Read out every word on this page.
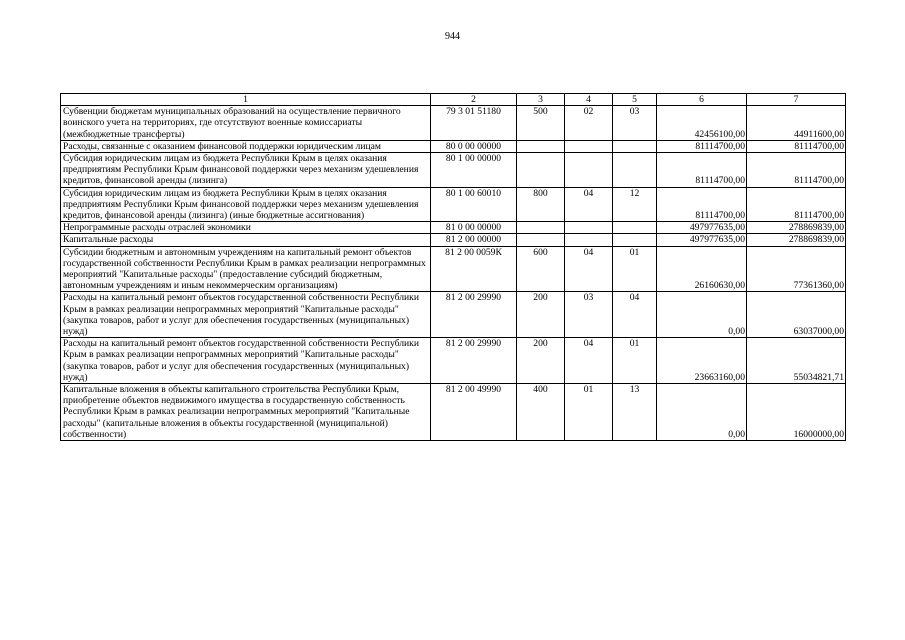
944
1	2	3	4	5	6	7
Субвенции бюджетам муниципальных образований на осуществление первичного воинского учета на территориях, где отсутствуют военные комиссариаты (межбюджетные трансферты)	79 3 01 51180	500	02	03	42456100,00	44911600,00
Расходы, связанные с оказанием финансовой поддержки юридическим лицам	80 0 00 00000				81114700,00	81114700,00
Субсидия юридическим лицам из бюджета Республики Крым в целях оказания предприятиям Республики Крым финансовой поддержки через механизм удешевления кредитов, финансовой аренды (лизинга)	80 1 00 00000				81114700,00	81114700,00
Субсидия юридическим лицам из бюджета Республики Крым в целях оказания предприятиям Республики Крым финансовой поддержки через механизм удешевления кредитов, финансовой аренды (лизинга) (иные бюджетные ассигнования)	80 1 00 60010	800	04	12	81114700,00	81114700,00
Непрограммные расходы отраслей экономики	81 0 00 00000				497977635,00	278869839,00
Капитальные расходы	81 2 00 00000				497977635,00	278869839,00
Субсидии бюджетным и автономным учреждениям на капитальный ремонт объектов государственной собственности Республики Крым в рамках реализации непрограммных мероприятий "Капитальные расходы" (предоставление субсидий бюджетным, автономным учреждениям и иным некоммерческим организациям)	81 2 00 0059К	600	04	01	26160630,00	77361360,00
Расходы на капитальный ремонт объектов государственной собственности Республики Крым в рамках реализации непрограммных мероприятий "Капитальные расходы" (закупка товаров, работ и услуг для обеспечения государственных (муниципальных) нужд)	81 2 00 29990	200	03	04	0,00	63037000,00
Расходы на капитальный ремонт объектов государственной собственности Республики Крым в рамках реализации непрограммных мероприятий "Капитальные расходы" (закупка товаров, работ и услуг для обеспечения государственных (муниципальных) нужд)	81 2 00 29990	200	04	01	23663160,00	55034821,71
Капитальные вложения в объекты капитального строительства Республики Крым, приобретение объектов недвижимого имущества в государственную собственность Республики Крым в рамках реализации непрограммных мероприятий "Капитальные расходы" (капитальные вложения в объекты государственной (муниципальной) собственности)	81 2 00 49990	400	01	13	0,00	16000000,00
